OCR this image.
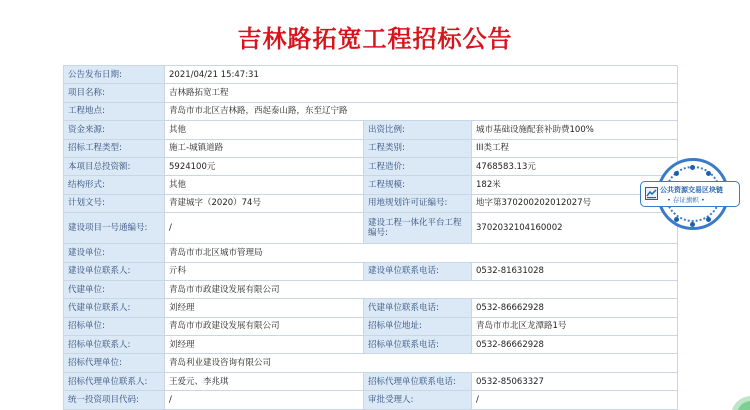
吉林路拓宽工程招标公告
公告发布日期:	2021/04/21 15:47:31		
项目名称:	吉林路拓宽工程		
工程地点:	青岛市市北区吉林路，西起泰山路，东至辽宁路		
资金来源:	其他	出资比例:	城市基础设施配套补助费100%
招标工程类型:	施工-城镇道路	工程类别:	III类工程
本项目总投资额:	5924100元	工程造价:	4768583.13元
结构形式:	其他	工程规模:	182米
计划文号:	青建城字（2020）74号	用地规划许可证编号:	地字第370200202012027号
建设项目一号通编号:	/	建设工程一体化平台工程编号:	3702032104160002
建设单位:	青岛市市北区城市管理局		
建设单位联系人:	亓科	建设单位联系电话:	0532-81631028
代建单位:	青岛市市政建设发展有限公司		
代建单位联系人:	刘经理	代建单位联系电话:	0532-86662928
招标单位:	青岛市市政建设发展有限公司	招标单位地址:	青岛市市北区龙潭路1号
招标单位联系人:	刘经理	招标单位联系电话:	0532-86662928
招标代理单位:	青岛利业建设咨询有限公司		
招标代理单位联系人:	王爱元、李兆琪	招标代理单位联系电话:	0532-85063327
统一投资项目代码:	/	审批受理人:	/
公共资源交易区块链
• 存证旗帜 •
